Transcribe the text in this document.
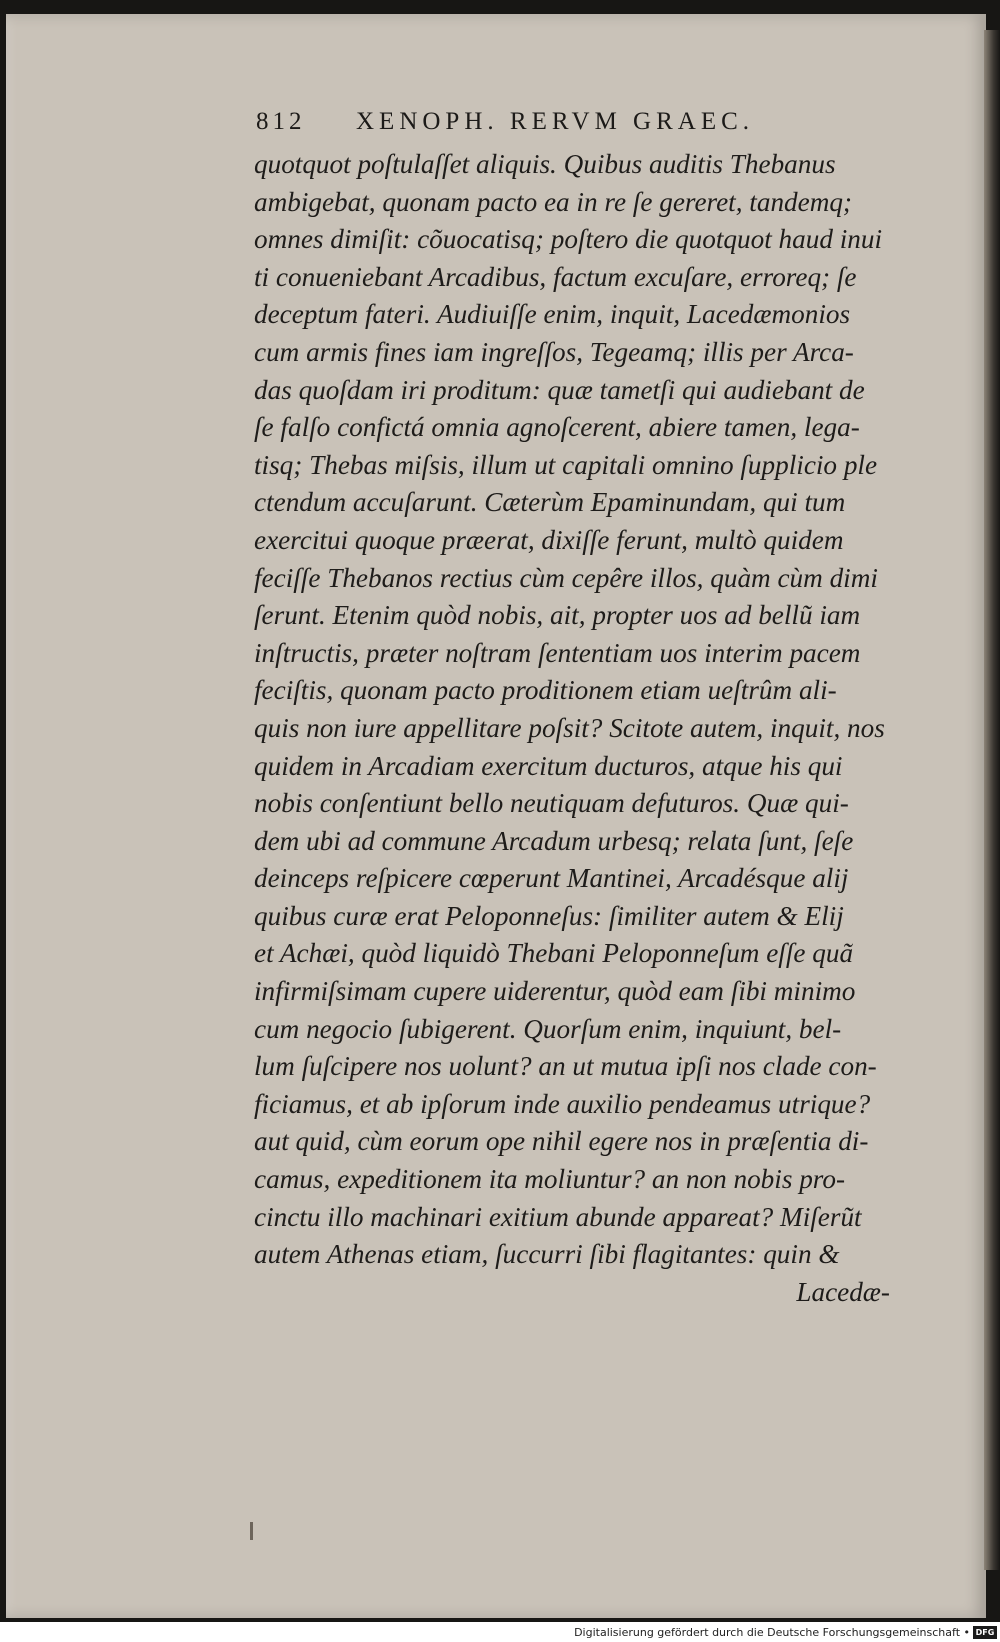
812 XENOPH. RERVM GRAEC.
quotquot poſtulaſſet aliquis. Quibus auditis Thebanus
ambigebat, quonam pacto ea in re ſe gereret, tandemq;
omnes dimiſit: cõuocatisq; poſtero die quotquot haud inui
ti conueniebant Arcadibus, factum excuſare, erroreq; ſe
deceptum fateri. Audiuiſſe enim, inquit, Lacedæmonios
cum armis fines iam ingreſſos, Tegeamq; illis per Arca-
das quoſdam iri proditum: quæ tametſi qui audiebant de
ſe falſo confictá omnia agnoſcerent, abiere tamen, lega-
tisq; Thebas miſsis, illum ut capitali omnino ſupplicio ple
ctendum accuſarunt. Cæterùm Epaminundam, qui tum
exercitui quoque præerat, dixiſſe ferunt, multò quidem
feciſſe Thebanos rectius cùm cepêre illos, quàm cùm dimi
ſerunt. Etenim quòd nobis, ait, propter uos ad bellũ iam
inſtructis, præter noſtram ſententiam uos interim pacem
feciſtis, quonam pacto proditionem etiam ueſtrûm ali-
quis non iure appellitare poſsit? Scitote autem, inquit, nos
quidem in Arcadiam exercitum ducturos, atque his qui
nobis conſentiunt bello neutiquam defuturos. Quæ qui-
dem ubi ad commune Arcadum urbesq; relata ſunt, ſeſe
deinceps reſpicere cœperunt Mantinei, Arcadésque alij
quibus curæ erat Peloponneſus: ſimiliter autem & Elij
et Achæi, quòd liquidò Thebani Peloponneſum eſſe quã
infirmiſsimam cupere uiderentur, quòd eam ſibi minimo
cum negocio ſubigerent. Quorſum enim, inquiunt, bel-
lum ſuſcipere nos uolunt? an ut mutua ipſi nos clade con-
ficiamus, et ab ipſorum inde auxilio pendeamus utrique?
aut quid, cùm eorum ope nihil egere nos in præſentia di-
camus, expeditionem ita moliuntur? an non nobis pro-
cinctu illo machinari exitium abunde appareat? Miſerũt
autem Athenas etiam, ſuccurri ſibi flagitantes: quin &
Lacedæ-
Digitalisierung gefördert durch die Deutsche Forschungsgemeinschaft • DFG
